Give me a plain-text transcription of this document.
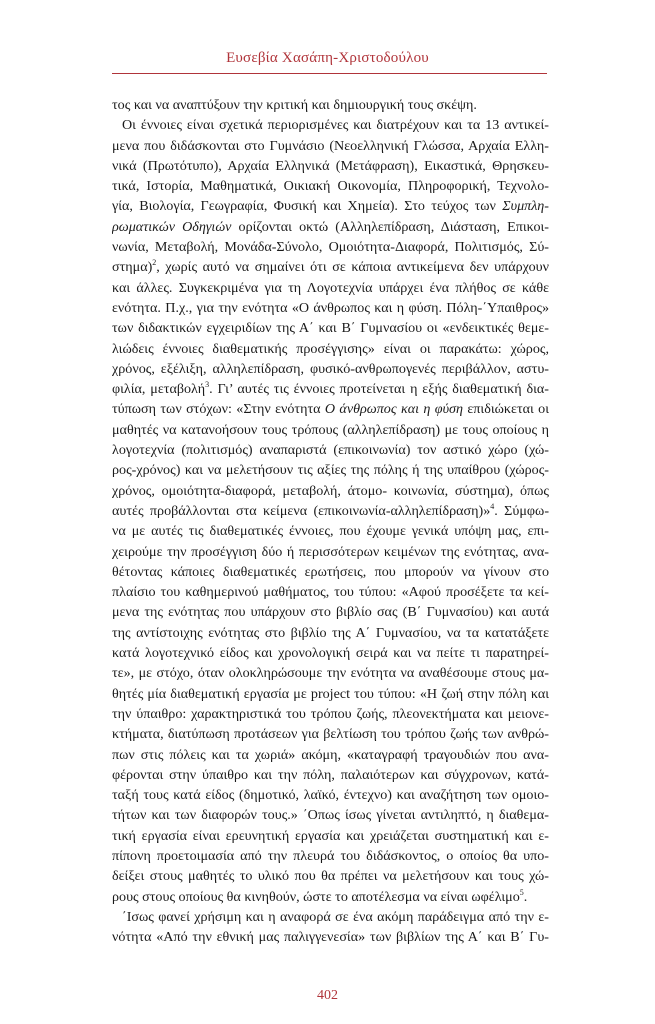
Ευσεβία Χασάπη-Χριστοδούλου
τος και να αναπτύξουν την κριτική και δημιουργική τους σκέψη.
Οι έννοιες είναι σχετικά περιορισμένες και διατρέχουν και τα 13 αντικεί-
μενα που διδάσκονται στο Γυμνάσιο (Νεοελληνική Γλώσσα, Αρχαία Ελλη-
νικά (Πρωτότυπο), Αρχαία Ελληνικά (Μετάφραση), Εικαστικά, Θρησκευ-
τικά, Ιστορία, Μαθηματικά, Οικιακή Οικονομία, Πληροφορική, Τεχνολο-
γία, Βιολογία, Γεωγραφία, Φυσική και Χημεία). Στο τεύχος των Συμπλη-
ρωματικών Οδηγιών ορίζονται οκτώ (Αλληλεπίδραση, Διάσταση, Επικοι-
νωνία, Μεταβολή, Μονάδα-Σύνολο, Ομοιότητα-Διαφορά, Πολιτισμός, Σύ-
στημα)$^2$, χωρίς αυτό να σημαίνει ότι σε κάποια αντικείμενα δεν υπάρχουν
και άλλες. Συγκεκριμένα για τη Λογοτεχνία υπάρχει ένα πλήθος σε κάθε
ενότητα. Π.χ., για την ενότητα «Ο άνθρωπος και η φύση. Πόλη-΄Υπαιθρος»
των διδακτικών εγχειριδίων της Α΄ και Β΄ Γυμνασίου οι «ενδεικτικές θεμε-
λιώδεις έννοιες διαθεματικής προσέγγισης» είναι οι παρακάτω: χώρος,
χρόνος, εξέλιξη, αλληλεπίδραση, φυσικό-ανθρωπογενές περιβάλλον, αστυ-
φιλία, μεταβολή$^3$. Γι’ αυτές τις έννοιες προτείνεται η εξής διαθεματική δια-
τύπωση των στόχων: «Στην ενότητα Ο άνθρωπος και η φύση επιδιώκεται οι
μαθητές να κατανοήσουν τους τρόπους (αλληλεπίδραση) με τους οποίους η
λογοτεχνία (πολιτισμός) αναπαριστά (επικοινωνία) τον αστικό χώρο (χώ-
ρος-χρόνος) και να μελετήσουν τις αξίες της πόλης ή της υπαίθρου (χώρος-
χρόνος, ομοιότητα-διαφορά, μεταβολή, άτομο- κοινωνία, σύστημα), όπως
αυτές προβάλλονται στα κείμενα (επικοινωνία-αλληλεπίδραση)»$^4$. Σύμφω-
να με αυτές τις διαθεματικές έννοιες, που έχουμε γενικά υπόψη μας, επι-
χειρούμε την προσέγγιση δύο ή περισσότερων κειμένων της ενότητας, ανα-
θέτοντας κάποιες διαθεματικές ερωτήσεις, που μπορούν να γίνουν στο
πλαίσιο του καθημερινού μαθήματος, του τύπου: «Αφού προσέξετε τα κεί-
μενα της ενότητας που υπάρχουν στο βιβλίο σας (Β΄ Γυμνασίου) και αυτά
της αντίστοιχης ενότητας στο βιβλίο της Α΄ Γυμνασίου, να τα κατατάξετε
κατά λογοτεχνικό είδος και χρονολογική σειρά και να πείτε τι παρατηρεί-
τε», με στόχο, όταν ολοκληρώσουμε την ενότητα να αναθέσουμε στους μα-
θητές μία διαθεματική εργασία με project του τύπου: «Η ζωή στην πόλη και
την ύπαιθρο: χαρακτηριστικά του τρόπου ζωής, πλεονεκτήματα και μειονε-
κτήματα, διατύπωση προτάσεων για βελτίωση του τρόπου ζωής των ανθρώ-
πων στις πόλεις και τα χωριά» ακόμη, «καταγραφή τραγουδιών που ανα-
φέρονται στην ύπαιθρο και την πόλη, παλαιότερων και σύγχρονων, κατά-
ταξή τους κατά είδος (δημοτικό, λαϊκό, έντεχνο) και αναζήτηση των ομοιο-
τήτων και των διαφορών τους.» ΄Οπως ίσως γίνεται αντιληπτό, η διαθεμα-
τική εργασία είναι ερευνητική εργασία και χρειάζεται συστηματική και ε-
πίπονη προετοιμασία από την πλευρά του διδάσκοντος, ο οποίος θα υπο-
δείξει στους μαθητές το υλικό που θα πρέπει να μελετήσουν και τους χώ-
ρους στους οποίους θα κινηθούν, ώστε το αποτέλεσμα να είναι ωφέλιμο$^5$.
΄Ισως φανεί χρήσιμη και η αναφορά σε ένα ακόμη παράδειγμα από την ε-
νότητα «Από την εθνική μας παλιγγενεσία» των βιβλίων της Α΄ και Β΄ Γυ-
402
